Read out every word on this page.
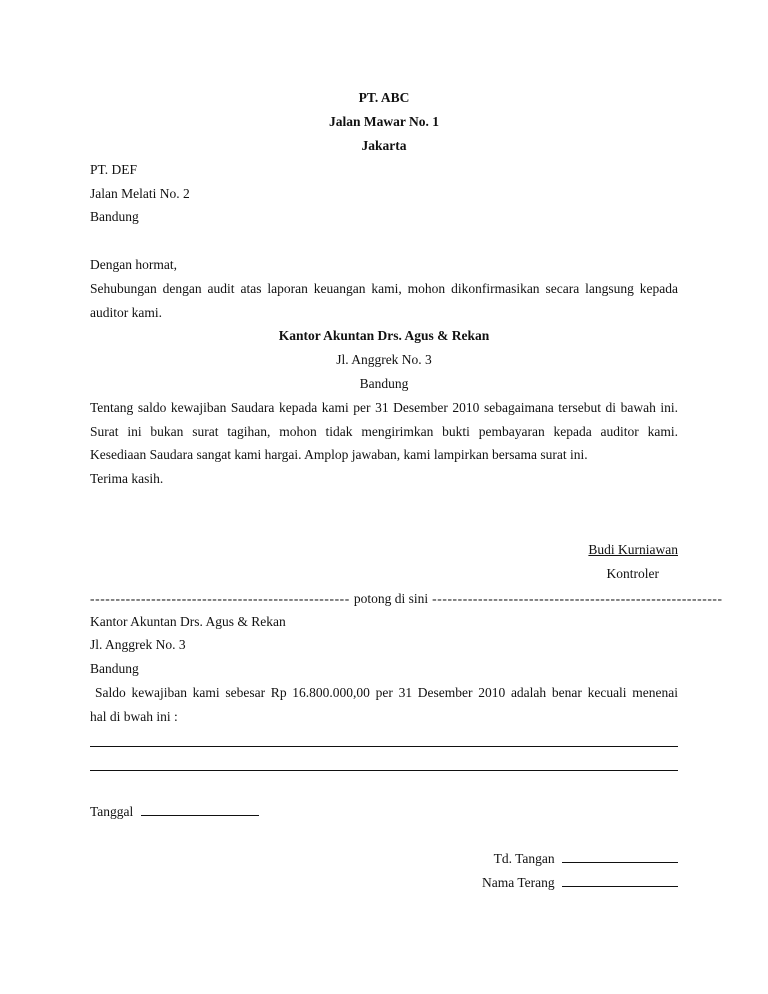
PT. ABC
Jalan Mawar No. 1
Jakarta
PT. DEF
Jalan Melati No. 2
Bandung
Dengan hormat,
Sehubungan dengan audit atas laporan keuangan kami, mohon dikonfirmasikan secara langsung kepada
auditor kami.
Kantor Akuntan Drs. Agus & Rekan
Jl. Anggrek No. 3
Bandung
Tentang saldo kewajiban Saudara kepada kami per 31 Desember 2010 sebagaimana tersebut di bawah ini.
Surat ini bukan surat tagihan, mohon tidak mengirimkan bukti pembayaran kepada auditor kami.
Kesediaan Saudara sangat kami hargai. Amplop jawaban, kami lampirkan bersama surat ini.
Terima kasih.
Budi Kurniawan
Kontroler
--------------------------------------------------- potong di sini ---------------------------------------------------------
Kantor Akuntan Drs. Agus & Rekan
Jl. Anggrek No. 3
Bandung
Saldo kewajiban kami sebesar Rp 16.800.000,00 per 31 Desember 2010 adalah benar kecuali menenai
hal di bwah ini :
Tanggal
Td. Tangan
Nama Terang
